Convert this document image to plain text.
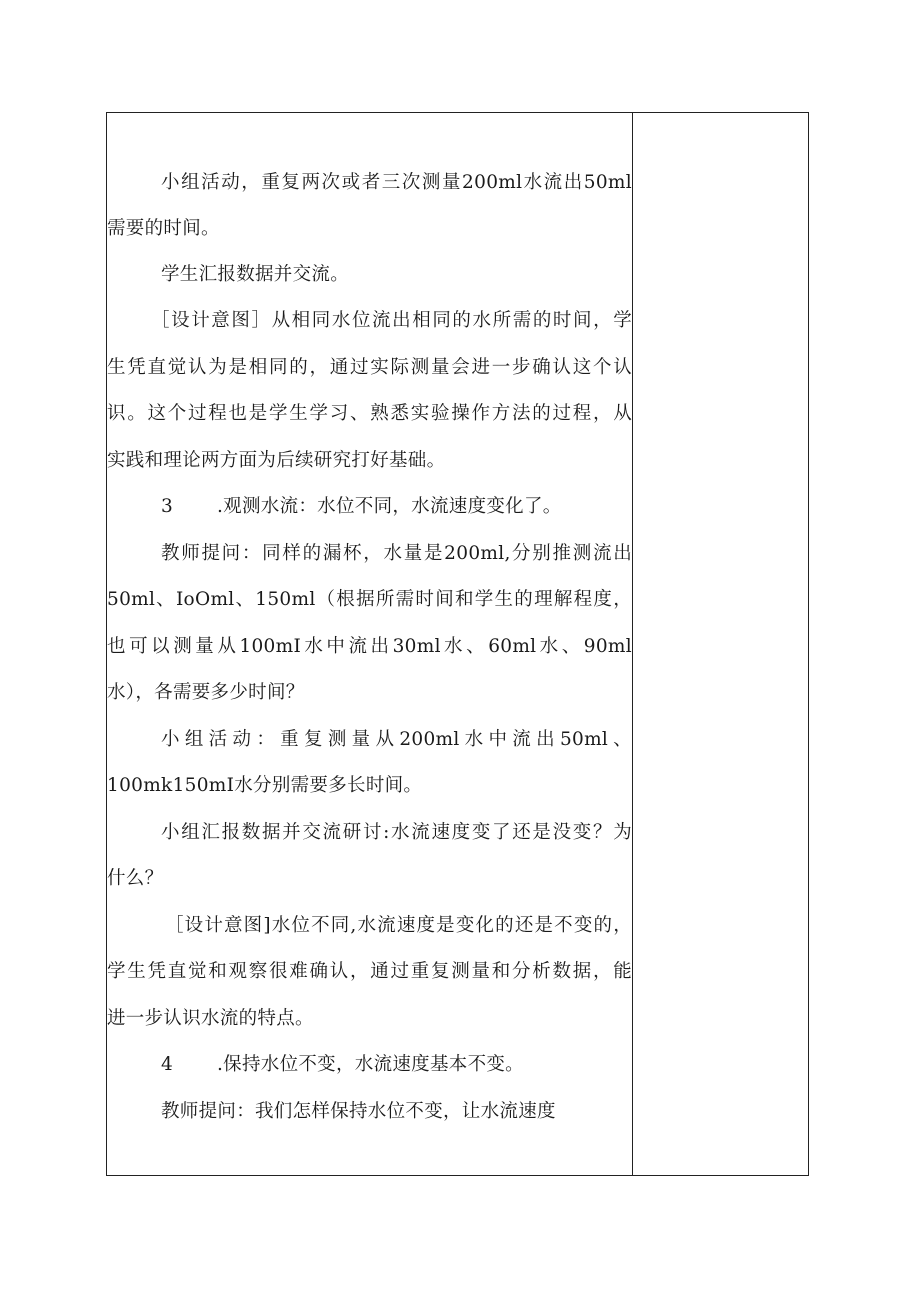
小组活动，重复两次或者三次测量200ml水流出50ml
需要的时间。
学生汇报数据并交流。
［设计意图］从相同水位流出相同的水所需的时间，学
生凭直觉认为是相同的，通过实际测量会进一步确认这个认
识。这个过程也是学生学习、熟悉实验操作方法的过程，从
实践和理论两方面为后续研究打好基础。
3 .观测水流：水位不同，水流速度变化了。
教师提问：同样的漏杯，水量是200ml,分别推测流出
50ml、IoOml、150ml（根据所需时间和学生的理解程度，
也可以测量从100mI水中流出30ml水、60ml水、90ml
水），各需要多少时间？
小组活动：重复测量从200ml水中流出50ml、
100mk150mI水分别需要多长时间。
小组汇报数据并交流研讨:水流速度变了还是没变？为
什么？
［设计意图]水位不同,水流速度是变化的还是不变的，
学生凭直觉和观察很难确认，通过重复测量和分析数据，能
进一步认识水流的特点。
4 .保持水位不变，水流速度基本不变。
教师提问：我们怎样保持水位不变，让水流速度
